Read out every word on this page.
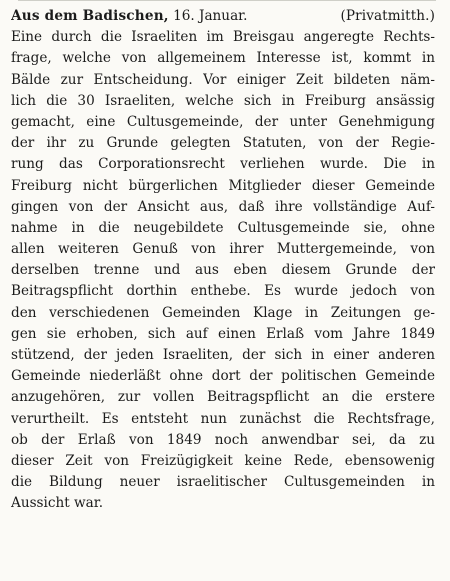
Aus dem Badischen, 16. Januar.	(Privatmitth.)
Eine durch die Israeliten im Breisgau angeregte Rechts-
frage, welche von allgemeinem Interesse ist, kommt in
Bälde zur Entscheidung. Vor einiger Zeit bildeten näm-
lich die 30 Israeliten, welche sich in Freiburg ansässig
gemacht, eine Cultusgemeinde, der unter Genehmigung
der ihr zu Grunde gelegten Statuten, von der Regie-
rung das Corporationsrecht verliehen wurde. Die in
Freiburg nicht bürgerlichen Mitglieder dieser Gemeinde
gingen von der Ansicht aus, daß ihre vollständige Auf-
nahme in die neugebildete Cultusgemeinde sie, ohne
allen weiteren Genuß von ihrer Muttergemeinde, von
derselben trenne und aus eben diesem Grunde der
Beitragspflicht dorthin enthebe. Es wurde jedoch von
den verschiedenen Gemeinden Klage in Zeitungen ge-
gen sie erhoben, sich auf einen Erlaß vom Jahre 1849
stützend, der jeden Israeliten, der sich in einer anderen
Gemeinde niederläßt ohne dort der politischen Gemeinde
anzugehören, zur vollen Beitragspflicht an die erstere
verurtheilt. Es entsteht nun zunächst die Rechtsfrage,
ob der Erlaß von 1849 noch anwendbar sei, da zu
dieser Zeit von Freizügigkeit keine Rede, ebensowenig
die Bildung neuer israelitischer Cultusgemeinden in
Aussicht war.
